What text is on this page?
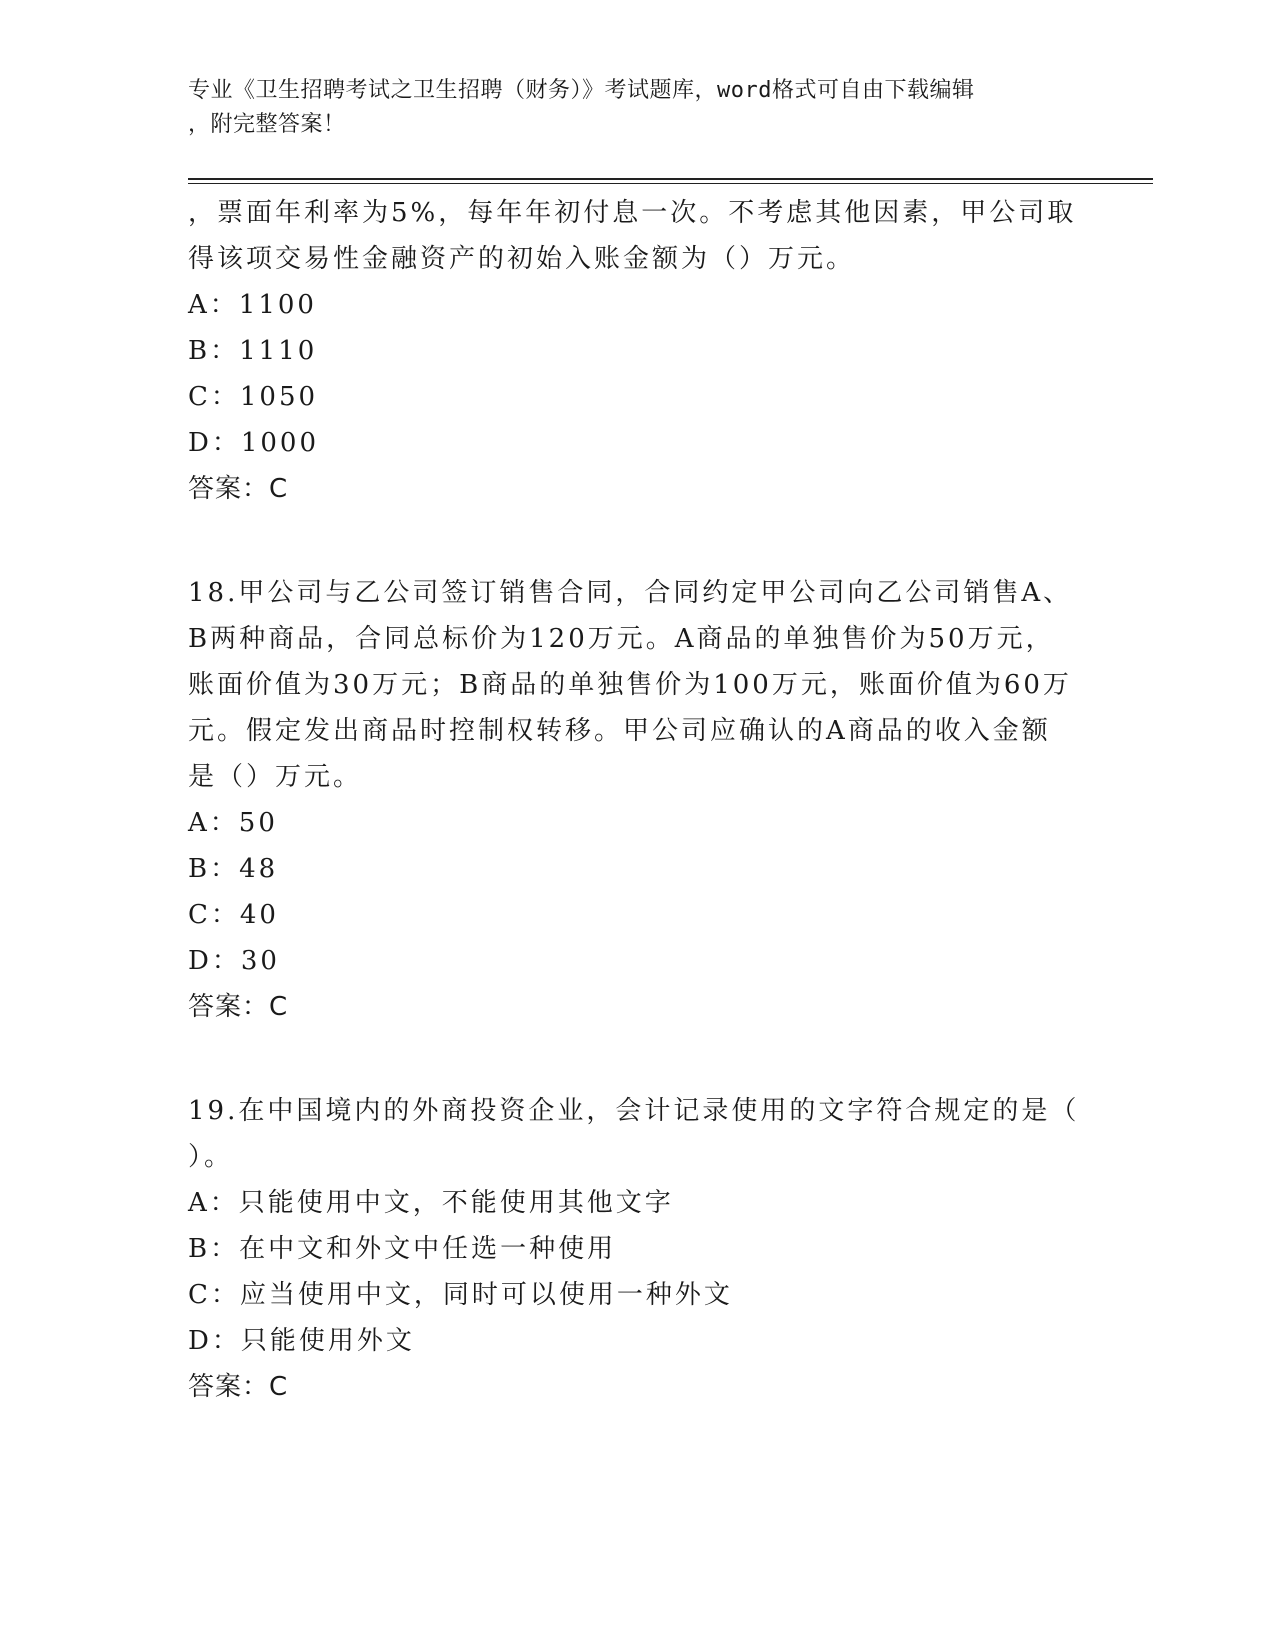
专业《卫生招聘考试之卫生招聘（财务）》考试题库，word格式可自由下载编辑
，附完整答案！
，票面年利率为5%，每年年初付息一次。不考虑其他因素，甲公司取
得该项交易性金融资产的初始入账金额为（）万元。
A：1100
B：1110
C：1050
D：1000
答案：C
18.甲公司与乙公司签订销售合同，合同约定甲公司向乙公司销售A、
B两种商品，合同总标价为120万元。A商品的单独售价为50万元，
账面价值为30万元；B商品的单独售价为100万元，账面价值为60万
元。假定发出商品时控制权转移。甲公司应确认的A商品的收入金额
是（）万元。
A：50
B：48
C：40
D：30
答案：C
19.在中国境内的外商投资企业，会计记录使用的文字符合规定的是（
）。
A：只能使用中文，不能使用其他文字
B：在中文和外文中任选一种使用
C：应当使用中文，同时可以使用一种外文
D：只能使用外文
答案：C
